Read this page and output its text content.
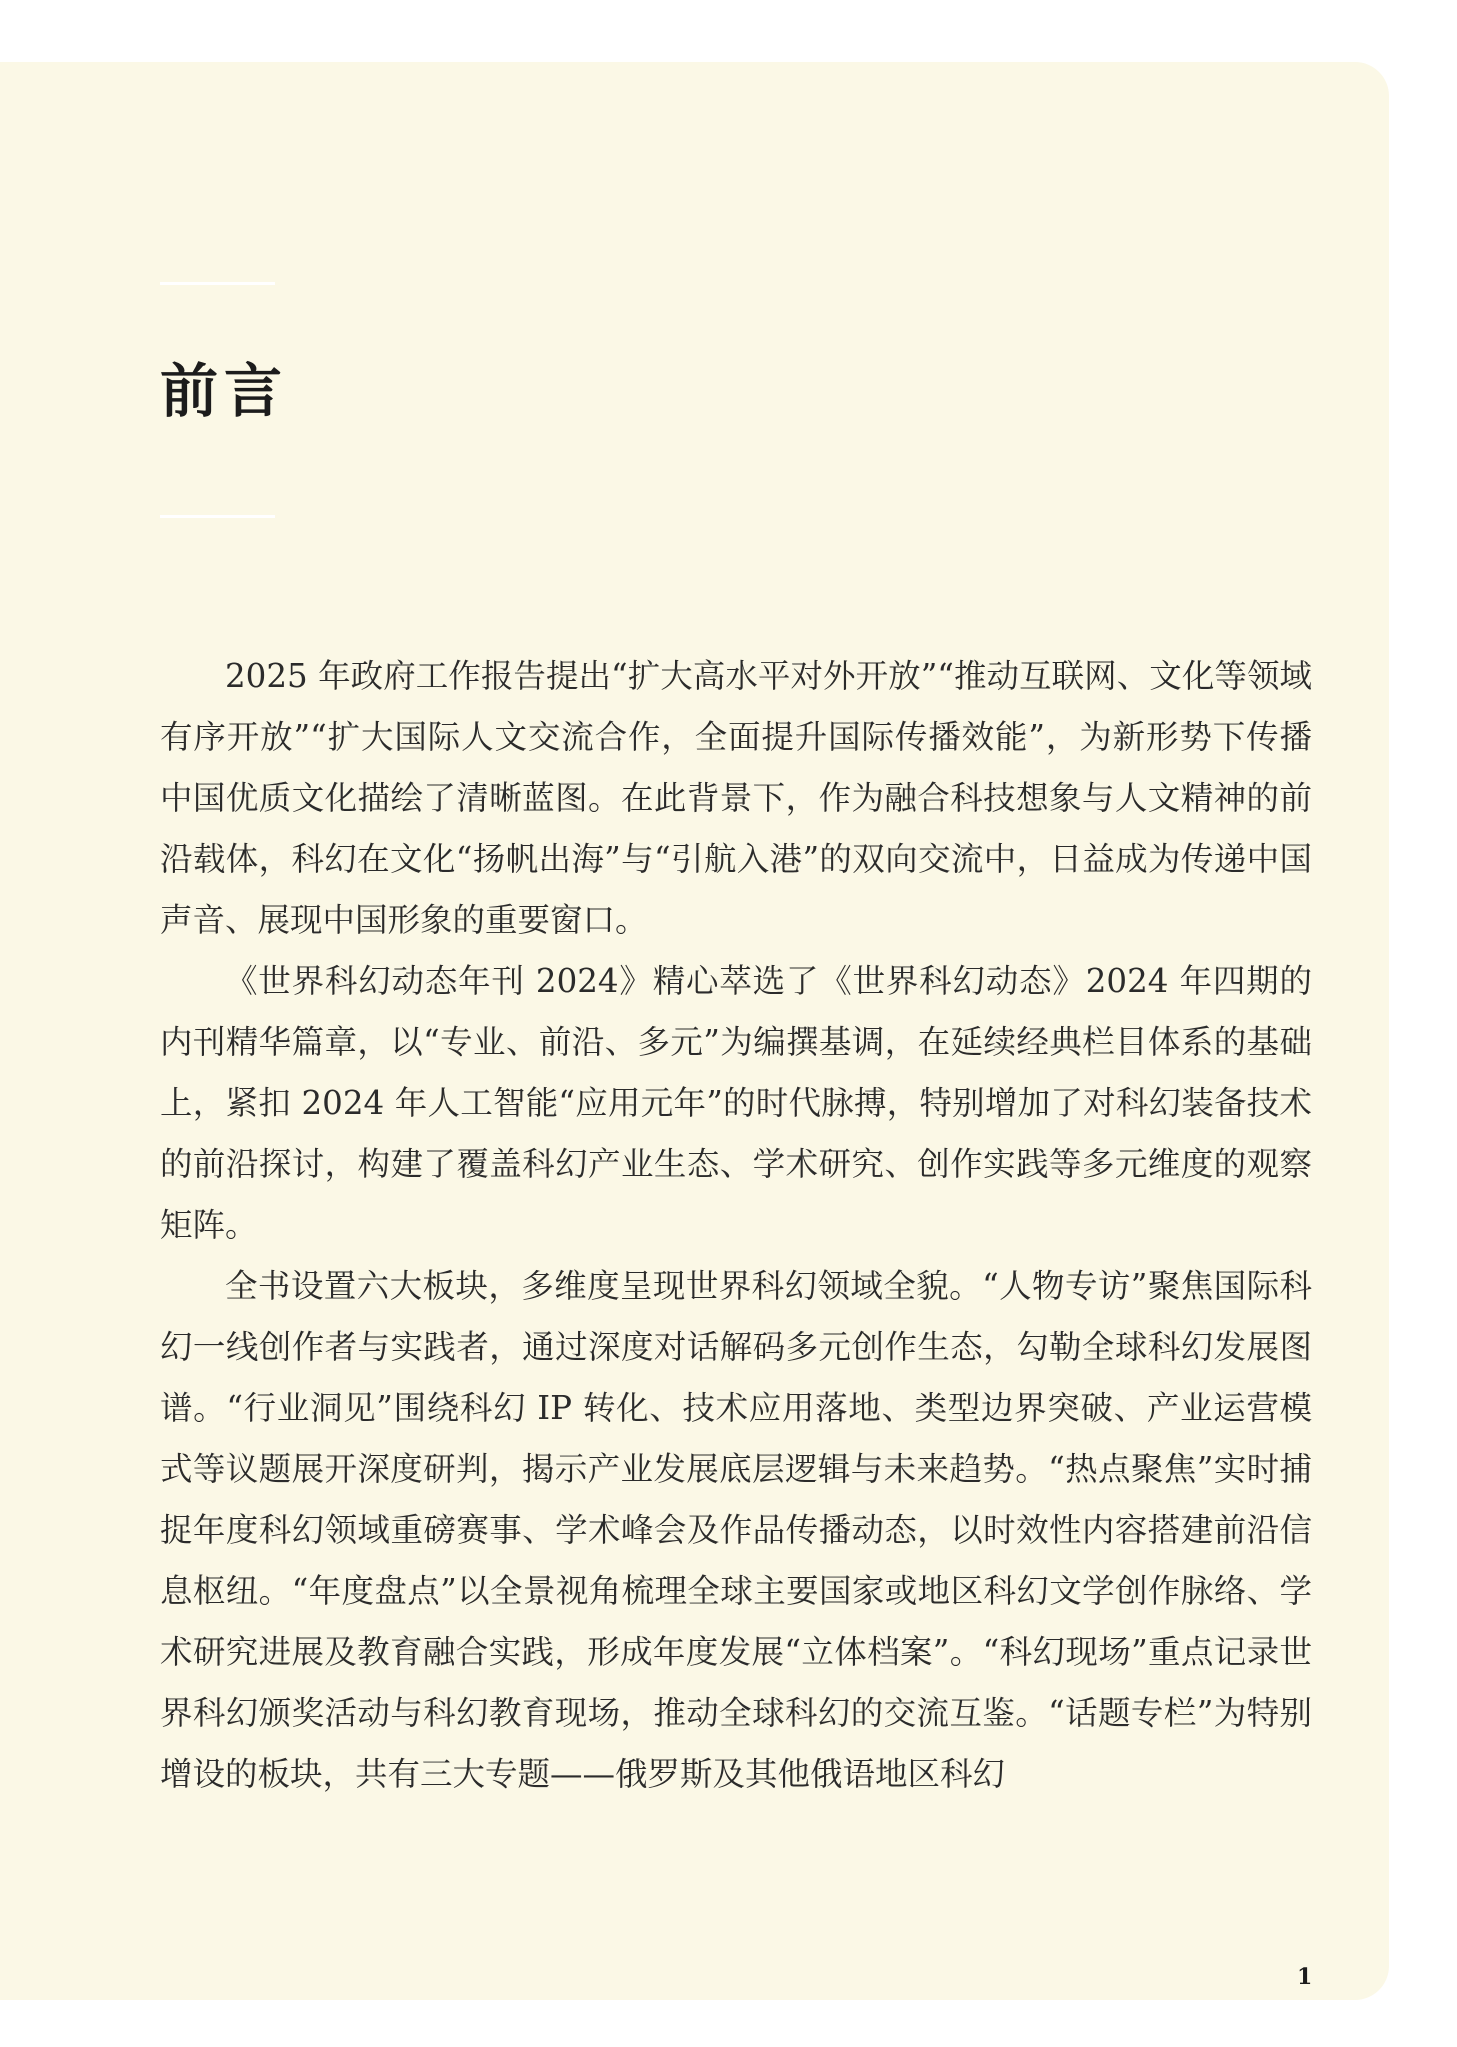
前言

2025 年政府工作报告提出“扩大高水平对外开放”“推动互联网、文化等领域有序开放”“扩大国际人文交流合作，全面提升国际传播效能”，为新形势下传播中国优质文化描绘了清晰蓝图。在此背景下，作为融合科技想象与人文精神的前沿载体，科幻在文化“扬帆出海”与“引航入港”的双向交流中，日益成为传递中国声音、展现中国形象的重要窗口。

《世界科幻动态年刊 2024》精心萃选了《世界科幻动态》2024 年四期的内刊精华篇章，以“专业、前沿、多元”为编撰基调，在延续经典栏目体系的基础上，紧扣 2024 年人工智能“应用元年”的时代脉搏，特别增加了对科幻装备技术的前沿探讨，构建了覆盖科幻产业生态、学术研究、创作实践等多元维度的观察矩阵。

全书设置六大板块，多维度呈现世界科幻领域全貌。“人物专访”聚焦国际科幻一线创作者与实践者，通过深度对话解码多元创作生态，勾勒全球科幻发展图谱。“行业洞见”围绕科幻 IP 转化、技术应用落地、类型边界突破、产业运营模式等议题展开深度研判，揭示产业发展底层逻辑与未来趋势。“热点聚焦”实时捕捉年度科幻领域重磅赛事、学术峰会及作品传播动态，以时效性内容搭建前沿信息枢纽。“年度盘点”以全景视角梳理全球主要国家或地区科幻文学创作脉络、学术研究进展及教育融合实践，形成年度发展“立体档案”。“科幻现场”重点记录世界科幻颁奖活动与科幻教育现场，推动全球科幻的交流互鉴。“话题专栏”为特别增设的板块，共有三大专题——俄罗斯及其他俄语地区科幻

1
